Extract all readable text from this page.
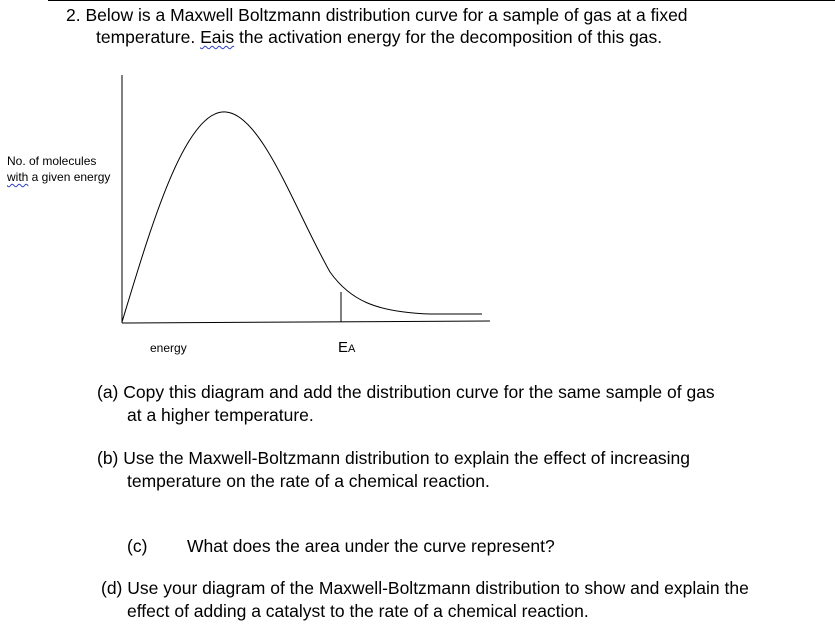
2. Below is a Maxwell Boltzmann distribution curve for a sample of gas at a fixed
temperature. Eais the activation energy for the decomposition of this gas.
No. of molecules
with a given energy
energy	EA
(a) Copy this diagram and add the distribution curve for the same sample of gas
at a higher temperature.
(b) Use the Maxwell-Boltzmann distribution to explain the effect of increasing
temperature on the rate of a chemical reaction.
(c) What does the area under the curve represent?
(d) Use your diagram of the Maxwell-Boltzmann distribution to show and explain the
effect of adding a catalyst to the rate of a chemical reaction.
